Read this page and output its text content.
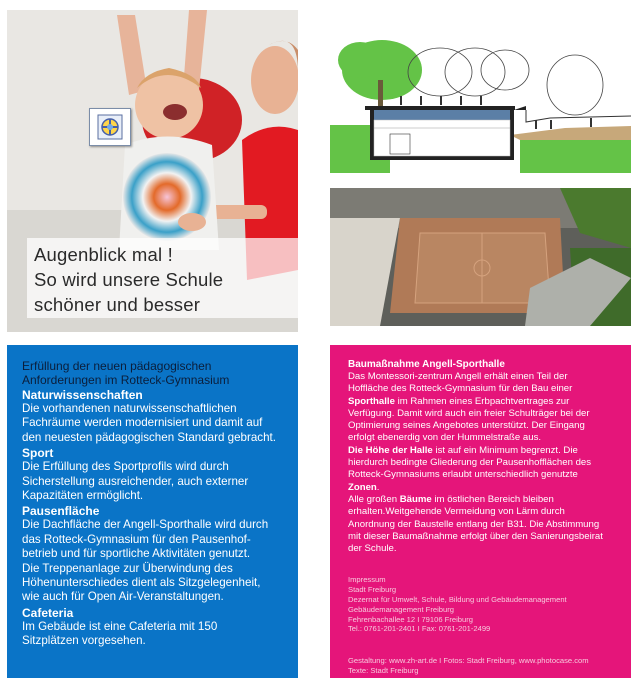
Augenblick mal !
So wird unsere Schule
schöner und besser
Erfüllung der neuen pädagogischen
Anforderungen im Rotteck-Gymnasium
Naturwissenschaften
Die vorhandenen naturwissenschaftlichen
Fachräume werden modernisiert und damit auf
den neuesten pädagogischen Standard gebracht.
Sport
Die Erfüllung des Sportprofils wird durch
Sicherstellung ausreichender, auch externer
Kapazitäten ermöglicht.
Pausenfläche
Die Dachfläche der Angell-Sporthalle wird durch
das Rotteck-Gymnasium für den Pausenhof-
betrieb und für sportliche Aktivitäten genutzt.
Die Treppenanlage zur Überwindung des
Höhenunterschiedes dient als Sitzgelegenheit,
wie auch für Open Air-Veranstaltungen.
Cafeteria
Im Gebäude ist eine Cafeteria mit 150
Sitzplätzen vorgesehen.
Baumaßnahme Angell-Sporthalle
Das Montessori-zentrum Angell erhält einen Teil der
Hoffläche des Rotteck-Gymnasium für den Bau einer
Sporthalle im Rahmen eines Erbpachtvertrages zur
Verfügung. Damit wird auch ein freier Schulträger bei der
Optimierung seines Angebotes unterstützt. Der Eingang
erfolgt ebenerdig von der Hummelstraße aus.
Die Höhe der Halle ist auf ein Minimum begrenzt. Die
hierdurch bedingte Gliederung der Pausenhofflächen des
Rotteck-Gymnasiums erlaubt unterschiedlich genutzte
Zonen.
Alle großen Bäume im östlichen Bereich bleiben
erhalten.Weitgehende Vermeidung von Lärm durch
Anordnung der Baustelle entlang der B31. Die Abstimmung
mit dieser Baumaßnahme erfolgt über den Sanierungsbeirat
der Schule.
Impressum
Stadt Freiburg
Dezernat für Umwelt, Schule, Bildung und Gebäudemanagement
Gebäudemanagement Freiburg
Fehrenbachallee 12 I 79106 Freiburg
Tel.: 0761-201-2401 I Fax: 0761-201-2499
Gestaltung: www.zh-art.de I Fotos: Stadt Freiburg, www.photocase.com
Texte: Stadt Freiburg
